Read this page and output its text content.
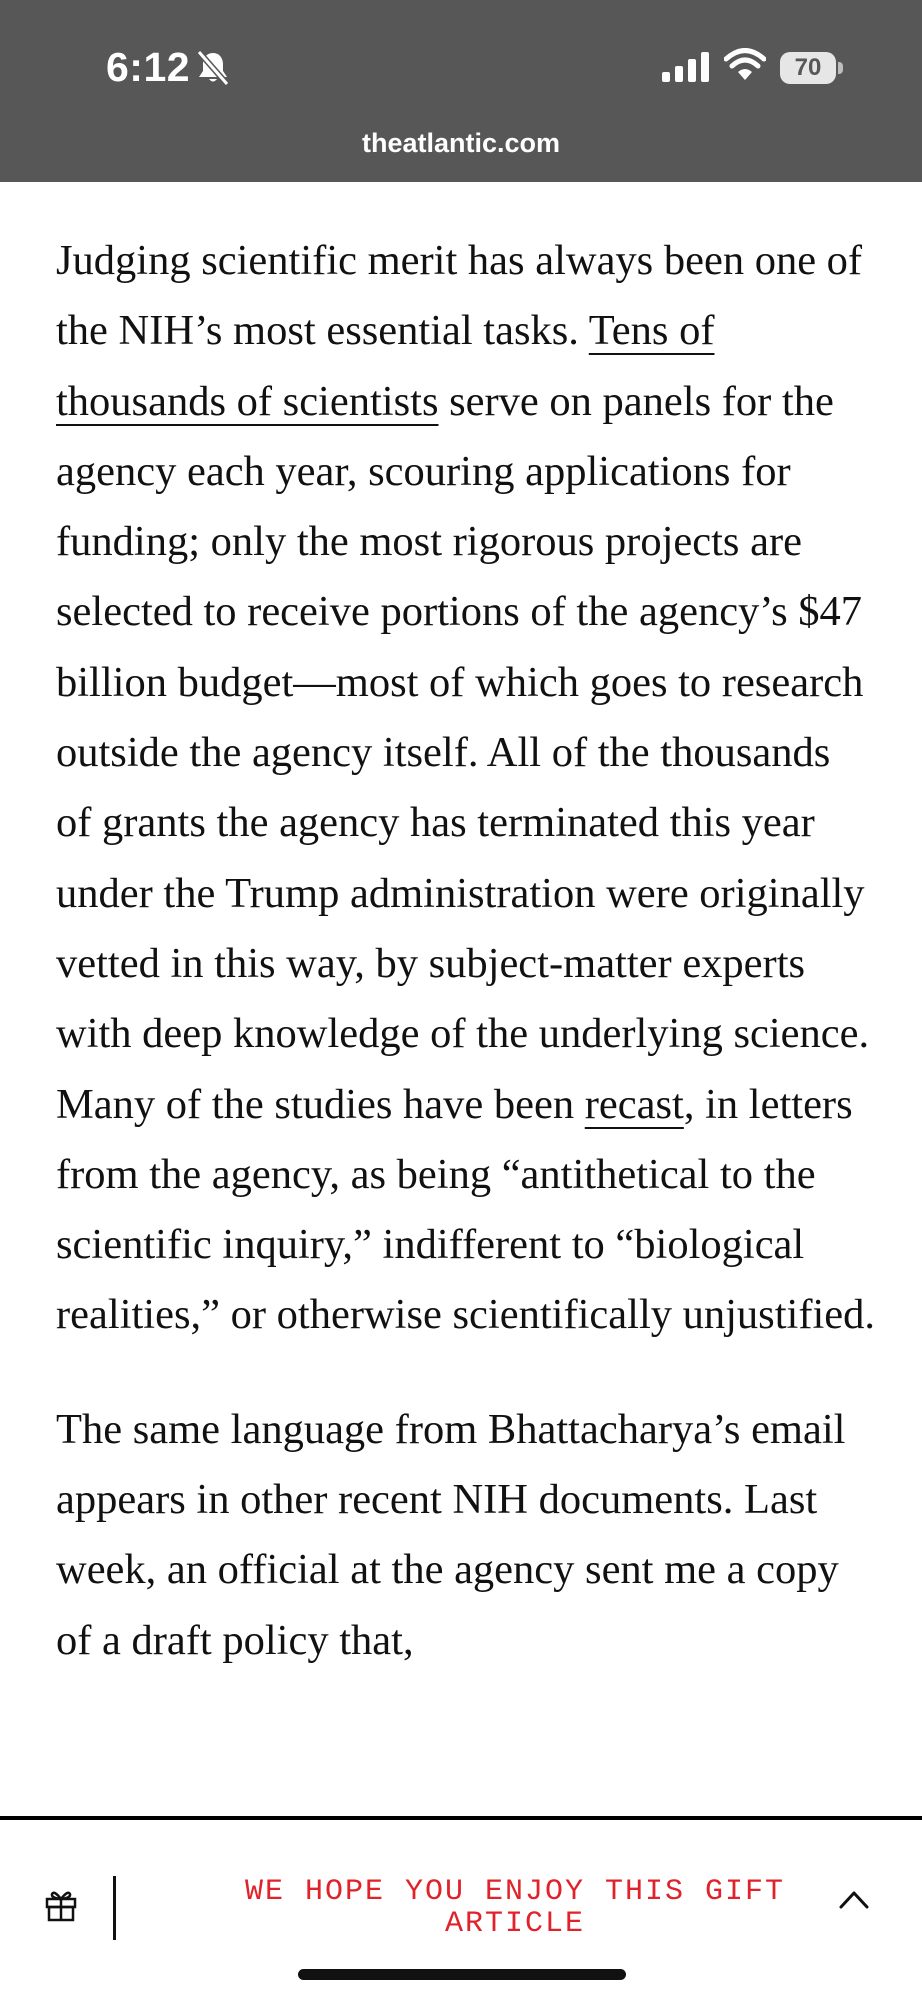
6:12	70
theatlantic.com

Judging scientific merit has always been one of the NIH’s most essential tasks. Tens of thousands of scientists serve on panels for the agency each year, scouring applications for funding; only the most rigorous projects are selected to receive portions of the agency’s $47 billion budget—most of which goes to research outside the agency itself. All of the thousands of grants the agency has terminated this year under the Trump administration were originally vetted in this way, by subject-matter experts with deep knowledge of the underlying science. Many of the studies have been recast, in letters from the agency, as being “antithetical to the scientific inquiry,” indifferent to “biological realities,” or otherwise scientifically unjustified.

The same language from Bhattacharya’s email appears in other recent NIH documents. Last week, an official at the agency sent me a copy of a draft policy that,

WE HOPE YOU ENJOY THIS GIFT
ARTICLE
